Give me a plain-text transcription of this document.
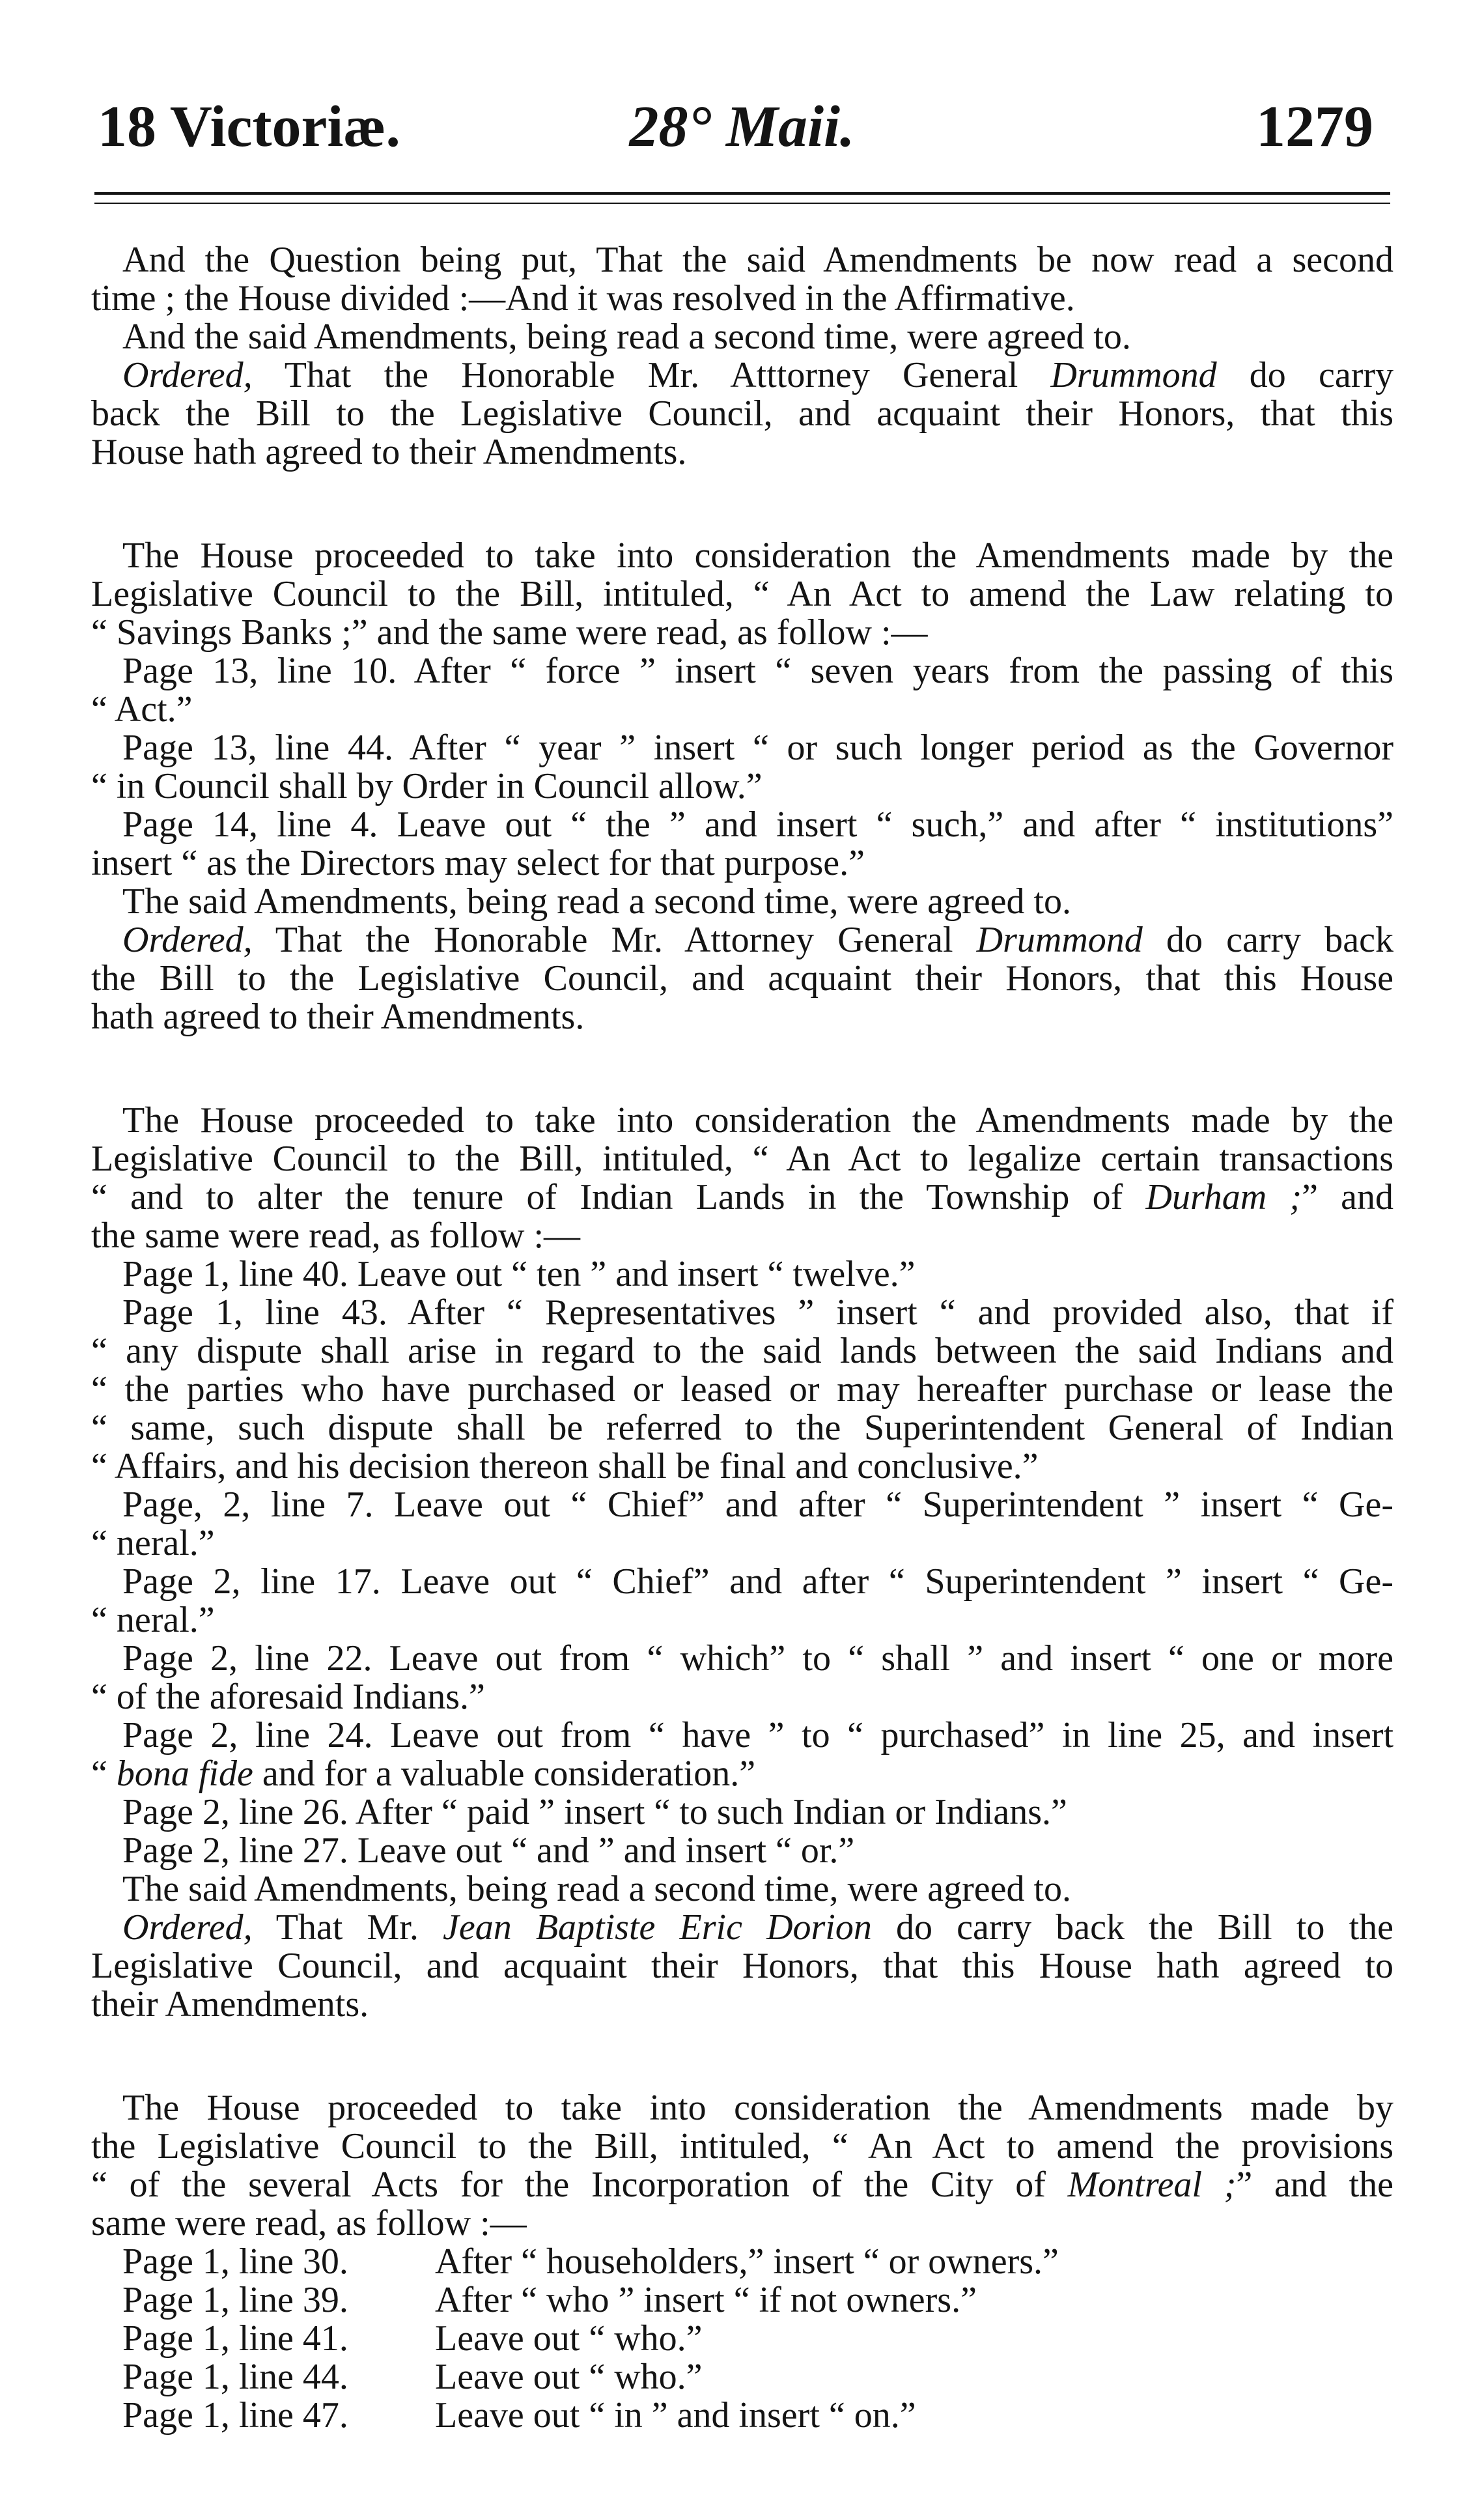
18 Victoriæ.	28° Maii.	1279
And the Question being put, That the said Amendments be now read a second
time ; the House divided :—And it was resolved in the Affirmative.
And the said Amendments, being read a second time, were agreed to.
Ordered, That the Honorable Mr. Atttorney General Drummond do carry
back the Bill to the Legislative Council, and acquaint their Honors, that this
House hath agreed to their Amendments.
The House proceeded to take into consideration the Amendments made by the
Legislative Council to the Bill, intituled, “ An Act to amend the Law relating to
“ Savings Banks ;” and the same were read, as follow :—
Page 13, line 10. After “ force ” insert “ seven years from the passing of this
“ Act.”
Page 13, line 44. After “ year ” insert “ or such longer period as the Governor
“ in Council shall by Order in Council allow.”
Page 14, line 4. Leave out “ the ” and insert “ such,” and after “ institutions”
insert “ as the Directors may select for that purpose.”
The said Amendments, being read a second time, were agreed to.
Ordered, That the Honorable Mr. Attorney General Drummond do carry back
the Bill to the Legislative Council, and acquaint their Honors, that this House
hath agreed to their Amendments.
The House proceeded to take into consideration the Amendments made by the
Legislative Council to the Bill, intituled, “ An Act to legalize certain transactions
“ and to alter the tenure of Indian Lands in the Township of Durham ;” and
the same were read, as follow :—
Page 1, line 40. Leave out “ ten ” and insert “ twelve.”
Page 1, line 43. After “ Representatives ” insert “ and provided also, that if
“ any dispute shall arise in regard to the said lands between the said Indians and
“ the parties who have purchased or leased or may hereafter purchase or lease the
“ same, such dispute shall be referred to the Superintendent General of Indian
“ Affairs, and his decision thereon shall be final and conclusive.”
Page, 2, line 7. Leave out “ Chief” and after “ Superintendent ” insert “ Ge-
“ neral.”
Page 2, line 17. Leave out “ Chief” and after “ Superintendent ” insert “ Ge-
“ neral.”
Page 2, line 22. Leave out from “ which” to “ shall ” and insert “ one or more
“ of the aforesaid Indians.”
Page 2, line 24. Leave out from “ have ” to “ purchased” in line 25, and insert
“ bona fide and for a valuable consideration.”
Page 2, line 26. After “ paid ” insert “ to such Indian or Indians.”
Page 2, line 27. Leave out “ and ” and insert “ or.”
The said Amendments, being read a second time, were agreed to.
Ordered, That Mr. Jean Baptiste Eric Dorion do carry back the Bill to the
Legislative Council, and acquaint their Honors, that this House hath agreed to
their Amendments.
The House proceeded to take into consideration the Amendments made by
the Legislative Council to the Bill, intituled, “ An Act to amend the provisions
“ of the several Acts for the Incorporation of the City of Montreal ;” and the
same were read, as follow :—
Page 1, line 30.	After “ householders,” insert “ or owners.”
Page 1, line 39.	After “ who ” insert “ if not owners.”
Page 1, line 41.	Leave out “ who.”
Page 1, line 44.	Leave out “ who.”
Page 1, line 47.	Leave out “ in ” and insert “ on.”
